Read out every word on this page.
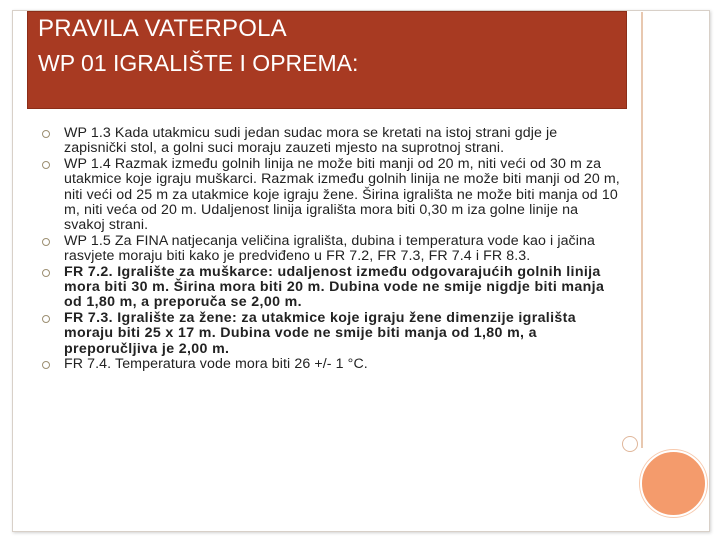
PRAVILA VATERPOLA
WP 01 IGRALIŠTE I OPREMA:
WP 1.3 Kada utakmicu sudi jedan sudac mora se kretati na istoj strani gdje je zapisnički stol, a golni suci moraju zauzeti mjesto na suprotnoj strani.
WP 1.4 Razmak između golnih linija ne može biti manji od 20 m, niti veći od 30 m za utakmice koje igraju muškarci. Razmak između golnih linija ne može biti manji od 20 m, niti veći od 25 m za utakmice koje igraju žene. Širina igrališta ne može biti manja od 10 m, niti veća od 20 m. Udaljenost linija igrališta mora biti 0,30 m iza golne linije na svakoj strani.
WP 1.5 Za FINA natjecanja veličina igrališta, dubina i temperatura vode kao i jačina rasvjete moraju biti kako je predviđeno u FR 7.2, FR 7.3, FR 7.4 i FR 8.3.
FR 7.2. Igralište za muškarce: udaljenost između odgovarajućih golnih linija mora biti 30 m. Širina mora biti 20 m. Dubina vode ne smije nigdje biti manja od 1,80 m, a preporuča se 2,00 m.
FR 7.3. Igralište za žene: za utakmice koje igraju žene dimenzije igrališta moraju biti 25 x 17 m. Dubina vode ne smije biti manja od 1,80 m, a preporučljiva je 2,00 m.
FR 7.4. Temperatura vode mora biti 26 +/- 1 °C.
